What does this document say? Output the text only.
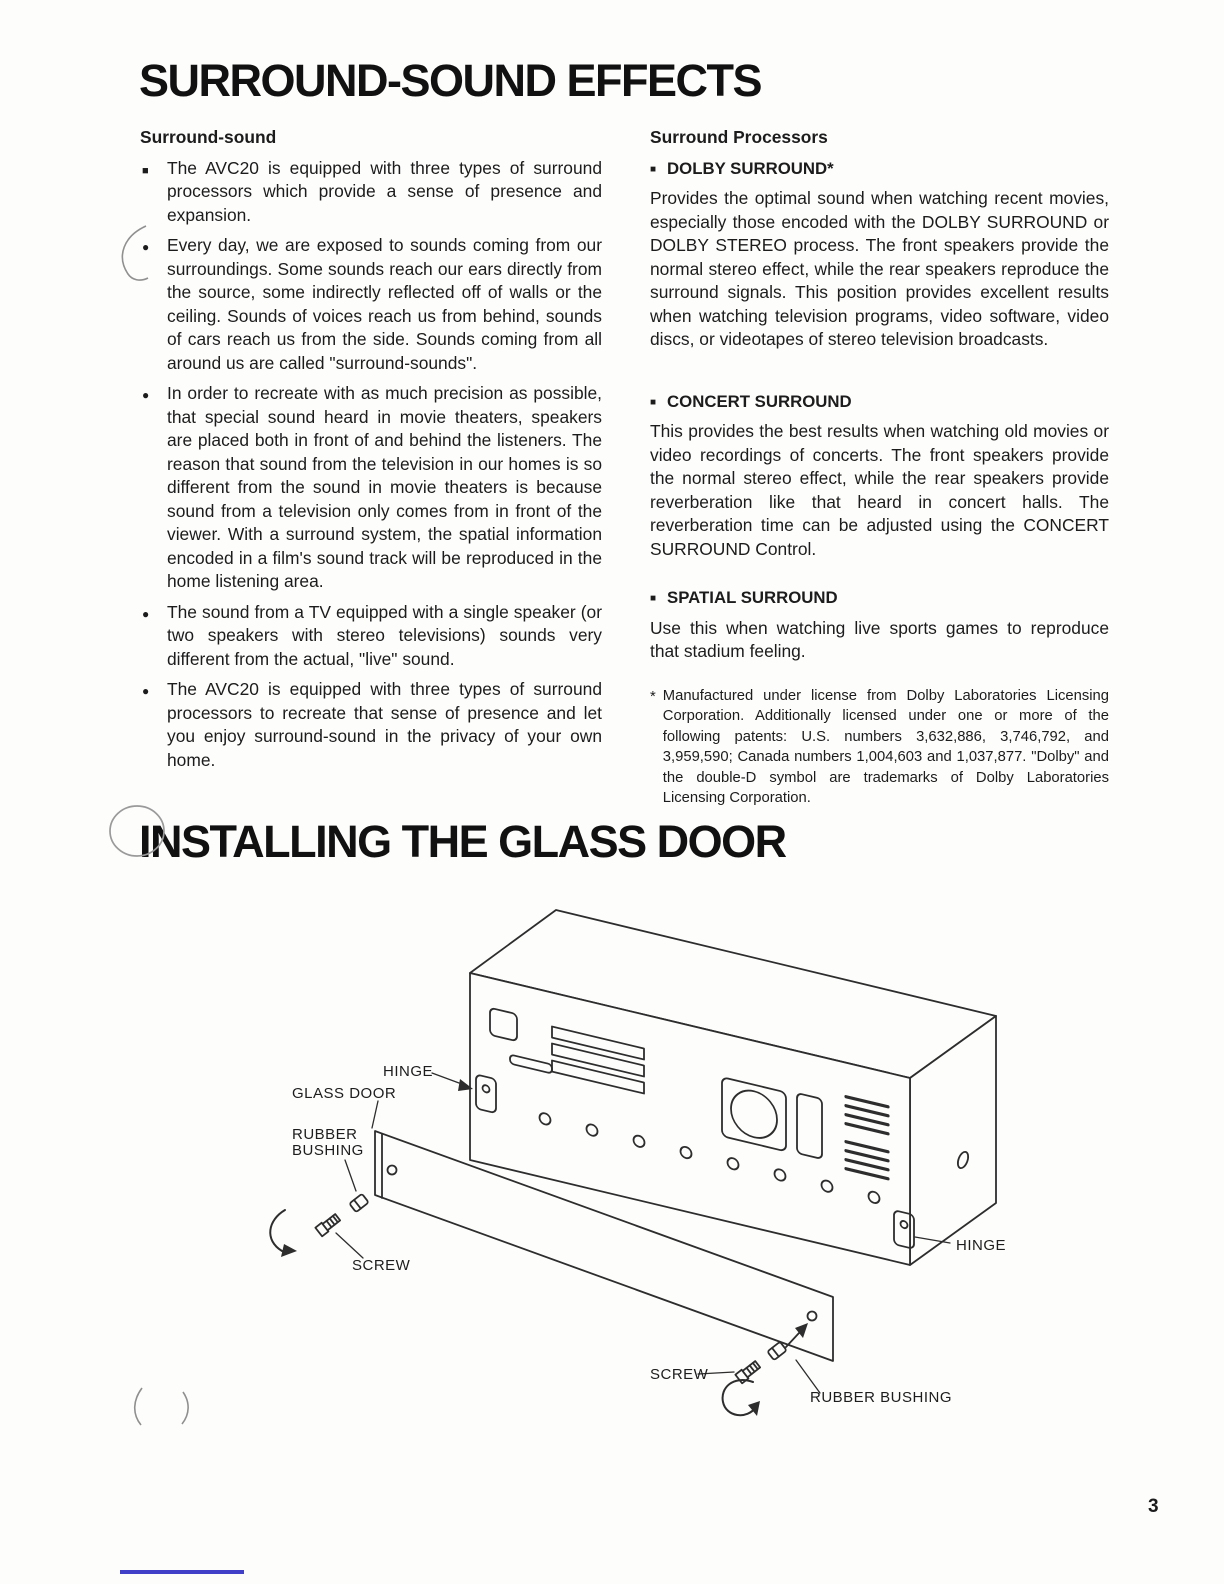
SURROUND-SOUND EFFECTS
Surround-sound
■
The AVC20 is equipped with three types of surround processors which provide a sense of presence and expansion.
●
Every day, we are exposed to sounds coming from our surroundings. Some sounds reach our ears directly from the source, some indirectly reflected off of walls or the ceiling. Sounds of voices reach us from behind, sounds of cars reach us from the side. Sounds coming from all around us are called "surround-sounds".
●
In order to recreate with as much precision as possible, that special sound heard in movie theaters, speakers are placed both in front of and behind the listeners. The reason that sound from the television in our homes is so different from the sound in movie theaters is because sound from a television only comes from in front of the viewer. With a surround system, the spatial information encoded in a film's sound track will be reproduced in the home listening area.
●
The sound from a TV equipped with a single speaker (or two speakers with stereo televisions) sounds very different from the actual, "live" sound.
●
The AVC20 is equipped with three types of surround processors to recreate that sense of presence and let you enjoy surround-sound in the privacy of your own home.
Surround Processors
■ DOLBY SURROUND*

Provides the optimal sound when watching recent movies, especially those encoded with the DOLBY SURROUND or DOLBY STEREO process. The front speakers provide the normal stereo effect, while the rear speakers reproduce the surround signals. This position provides excellent results when watching television programs, video software, video discs, or videotapes of stereo television broadcasts.

■ CONCERT SURROUND

This provides the best results when watching old movies or video recordings of concerts. The front speakers provide the normal stereo effect, while the rear speakers provide reverberation like that heard in concert halls. The reverberation time can be adjusted using the CONCERT SURROUND Control.

■ SPATIAL SURROUND

Use this when watching live sports games to reproduce that stadium feeling.

* Manufactured under license from Dolby Laboratories Licensing Corporation. Additionally licensed under one or more of the following patents: U.S. numbers 3,632,886, 3,746,792, and 3,959,590; Canada numbers 1,004,603 and 1,037,877. "Dolby" and the double-D symbol are trademarks of Dolby Laboratories Licensing Corporation.

INSTALLING THE GLASS DOOR
HINGE
GLASS DOOR
RUBBER
BUSHING
SCREW
HINGE
SCREW
RUBBER BUSHING
3
